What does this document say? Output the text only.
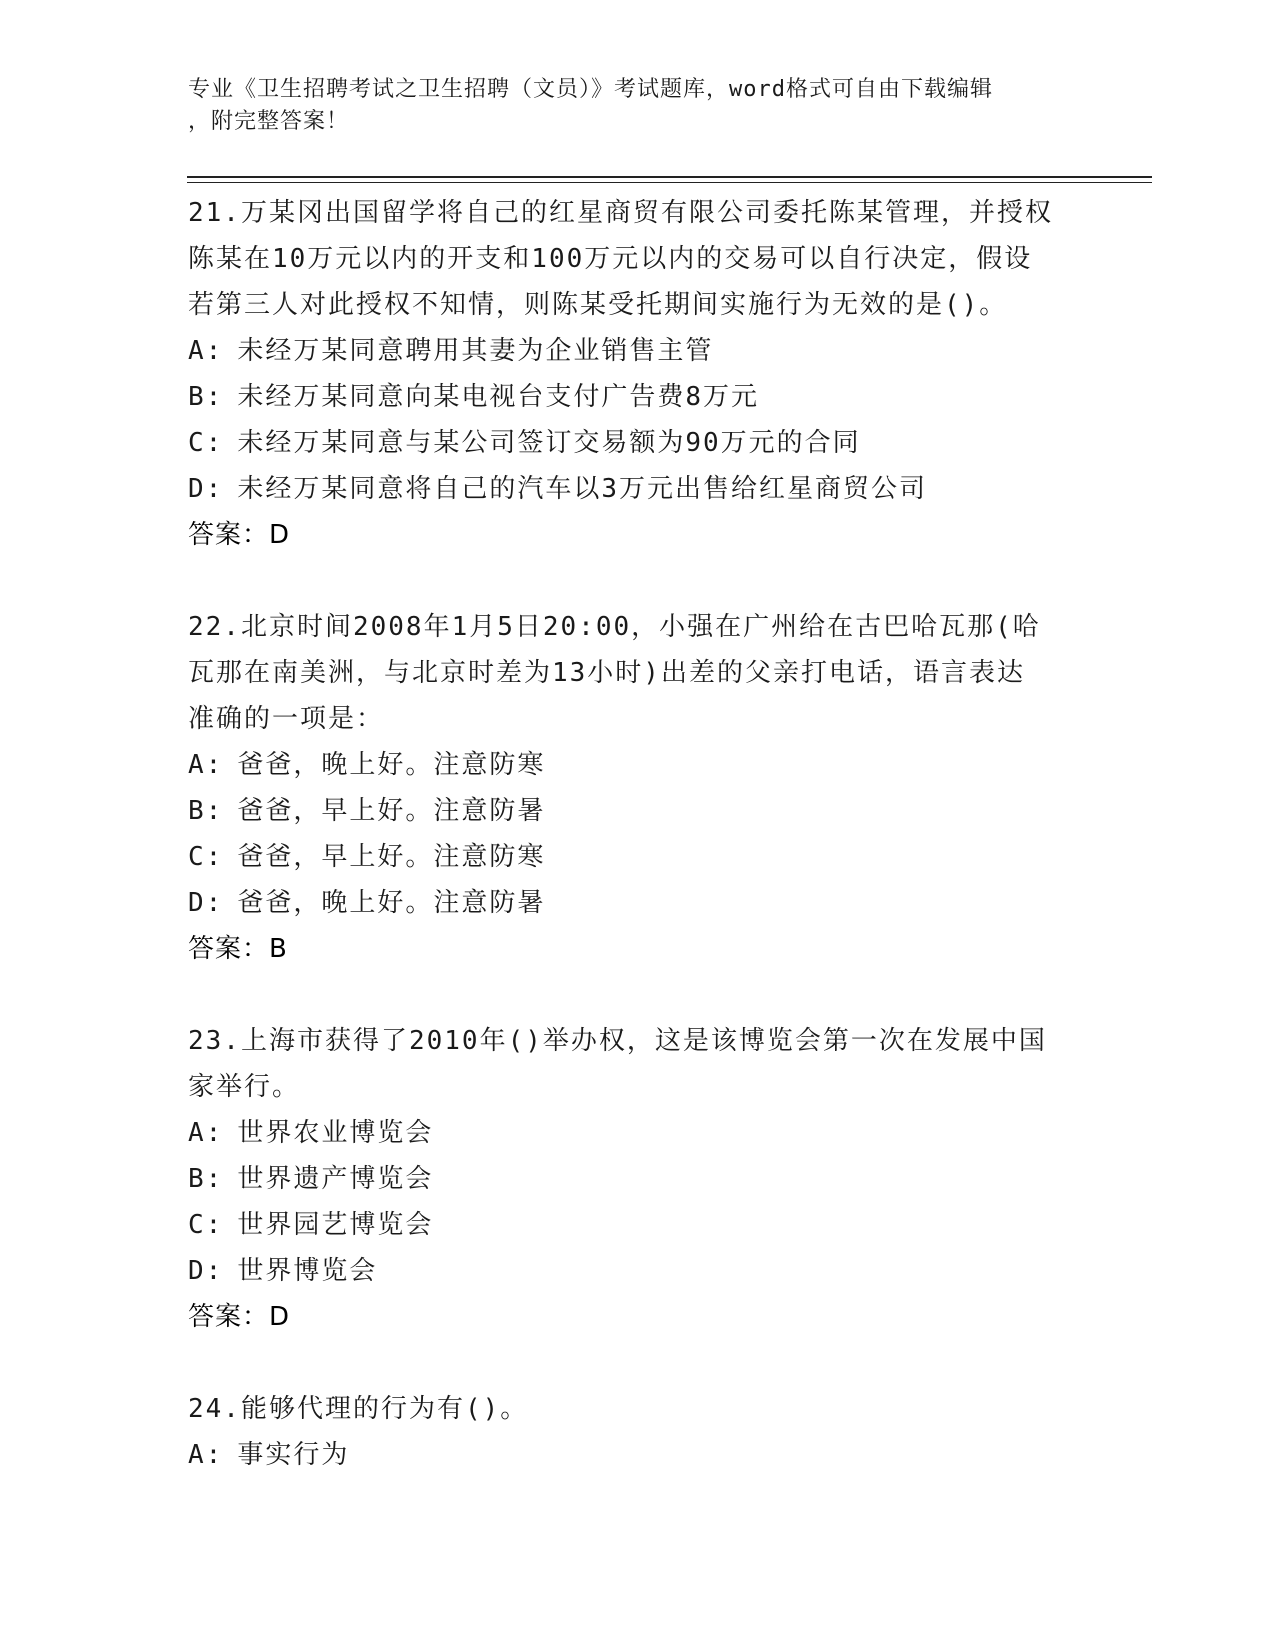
专业《卫生招聘考试之卫生招聘（文员）》考试题库，word格式可自由下载编辑
，附完整答案！
21.万某冈出国留学将自己的红星商贸有限公司委托陈某管理，并授权
陈某在10万元以内的开支和100万元以内的交易可以自行决定，假设
若第三人对此授权不知情，则陈某受托期间实施行为无效的是()。
A: 未经万某同意聘用其妻为企业销售主管
B: 未经万某同意向某电视台支付广告费8万元
C: 未经万某同意与某公司签订交易额为90万元的合同
D: 未经万某同意将自己的汽车以3万元出售给红星商贸公司
答案：D
22.北京时间2008年1月5日20:00，小强在广州给在古巴哈瓦那(哈
瓦那在南美洲，与北京时差为13小时)出差的父亲打电话，语言表达
准确的一项是：
A: 爸爸，晚上好。注意防寒
B: 爸爸，早上好。注意防暑
C: 爸爸，早上好。注意防寒
D: 爸爸，晚上好。注意防暑
答案：B
23.上海市获得了2010年()举办权，这是该博览会第一次在发展中国
家举行。
A: 世界农业博览会
B: 世界遗产博览会
C: 世界园艺博览会
D: 世界博览会
答案：D
24.能够代理的行为有()。
A: 事实行为
